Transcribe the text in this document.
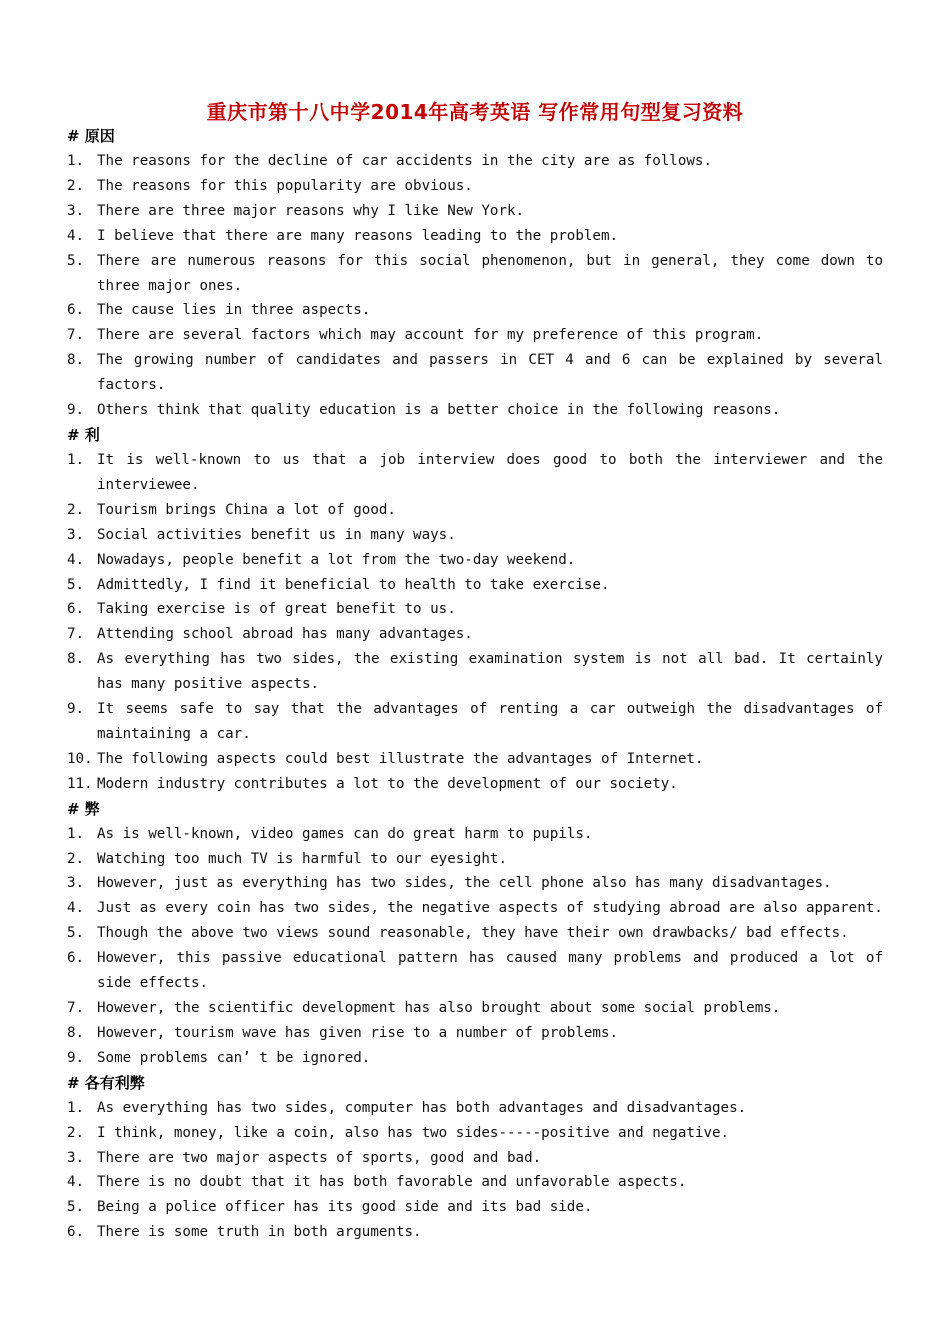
重庆市第十八中学2014年高考英语 写作常用句型复习资料
# 原因
1. The reasons for the decline of car accidents in the city are as follows.
2. The reasons for this popularity are obvious.
3. There are three major reasons why I like New York.
4. I believe that there are many reasons leading to the problem.
5. There are numerous reasons for this social phenomenon, but in general, they come down to three major ones.
6. The cause lies in three aspects.
7. There are several factors which may account for my preference of this program.
8. The growing number of candidates and passers in CET 4 and 6 can be explained by several factors.
9. Others think that quality education is a better choice in the following reasons.
# 利
1. It is well-known to us that a job interview does good to both the interviewer and the interviewee.
2. Tourism brings China a lot of good.
3. Social activities benefit us in many ways.
4. Nowadays, people benefit a lot from the two-day weekend.
5. Admittedly, I find it beneficial to health to take exercise.
6. Taking exercise is of great benefit to us.
7. Attending school abroad has many advantages.
8. As everything has two sides, the existing examination system is not all bad. It certainly has many positive aspects.
9. It seems safe to say that the advantages of renting a car outweigh the disadvantages of maintaining a car.
10. The following aspects could best illustrate the advantages of Internet.
11. Modern industry contributes a lot to the development of our society.
# 弊
1. As is well-known, video games can do great harm to pupils.
2. Watching too much TV is harmful to our eyesight.
3. However, just as everything has two sides, the cell phone also has many disadvantages.
4. Just as every coin has two sides, the negative aspects of studying abroad are also apparent.
5. Though the above two views sound reasonable, they have their own drawbacks/ bad effects.
6. However, this passive educational pattern has caused many problems and produced a lot of side effects.
7. However, the scientific development has also brought about some social problems.
8. However, tourism wave has given rise to a number of problems.
9. Some problems can’ t be ignored.
# 各有利弊
1. As everything has two sides, computer has both advantages and disadvantages.
2. I think, money, like a coin, also has two sides-----positive and negative.
3. There are two major aspects of sports, good and bad.
4. There is no doubt that it has both favorable and unfavorable aspects.
5. Being a police officer has its good side and its bad side.
6. There is some truth in both arguments.
